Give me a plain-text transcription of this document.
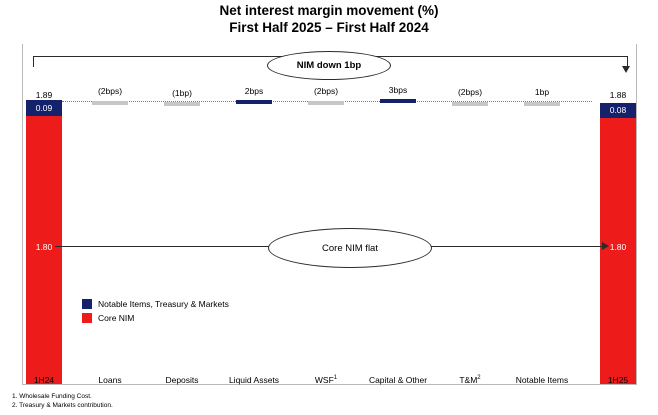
Net interest margin movement (%)
First Half 2025 – First Half 2024
NIM down 1bp
0.09
1.80
1.89
0.08
1.80
1.88
(2bps)	(1bp)	2bps	(2bps)	3bps	(2bps)	1bp
Core NIM flat
Notable Items, Treasury & Markets
Core NIM
1H24	Loans	Deposits	Liquid Assets	WSF$^1$	Capital & Other	$T\&M^2$	Notable Items	1H25
1. Wholesale Funding Cost.
2. Treasury & Markets contribution.
